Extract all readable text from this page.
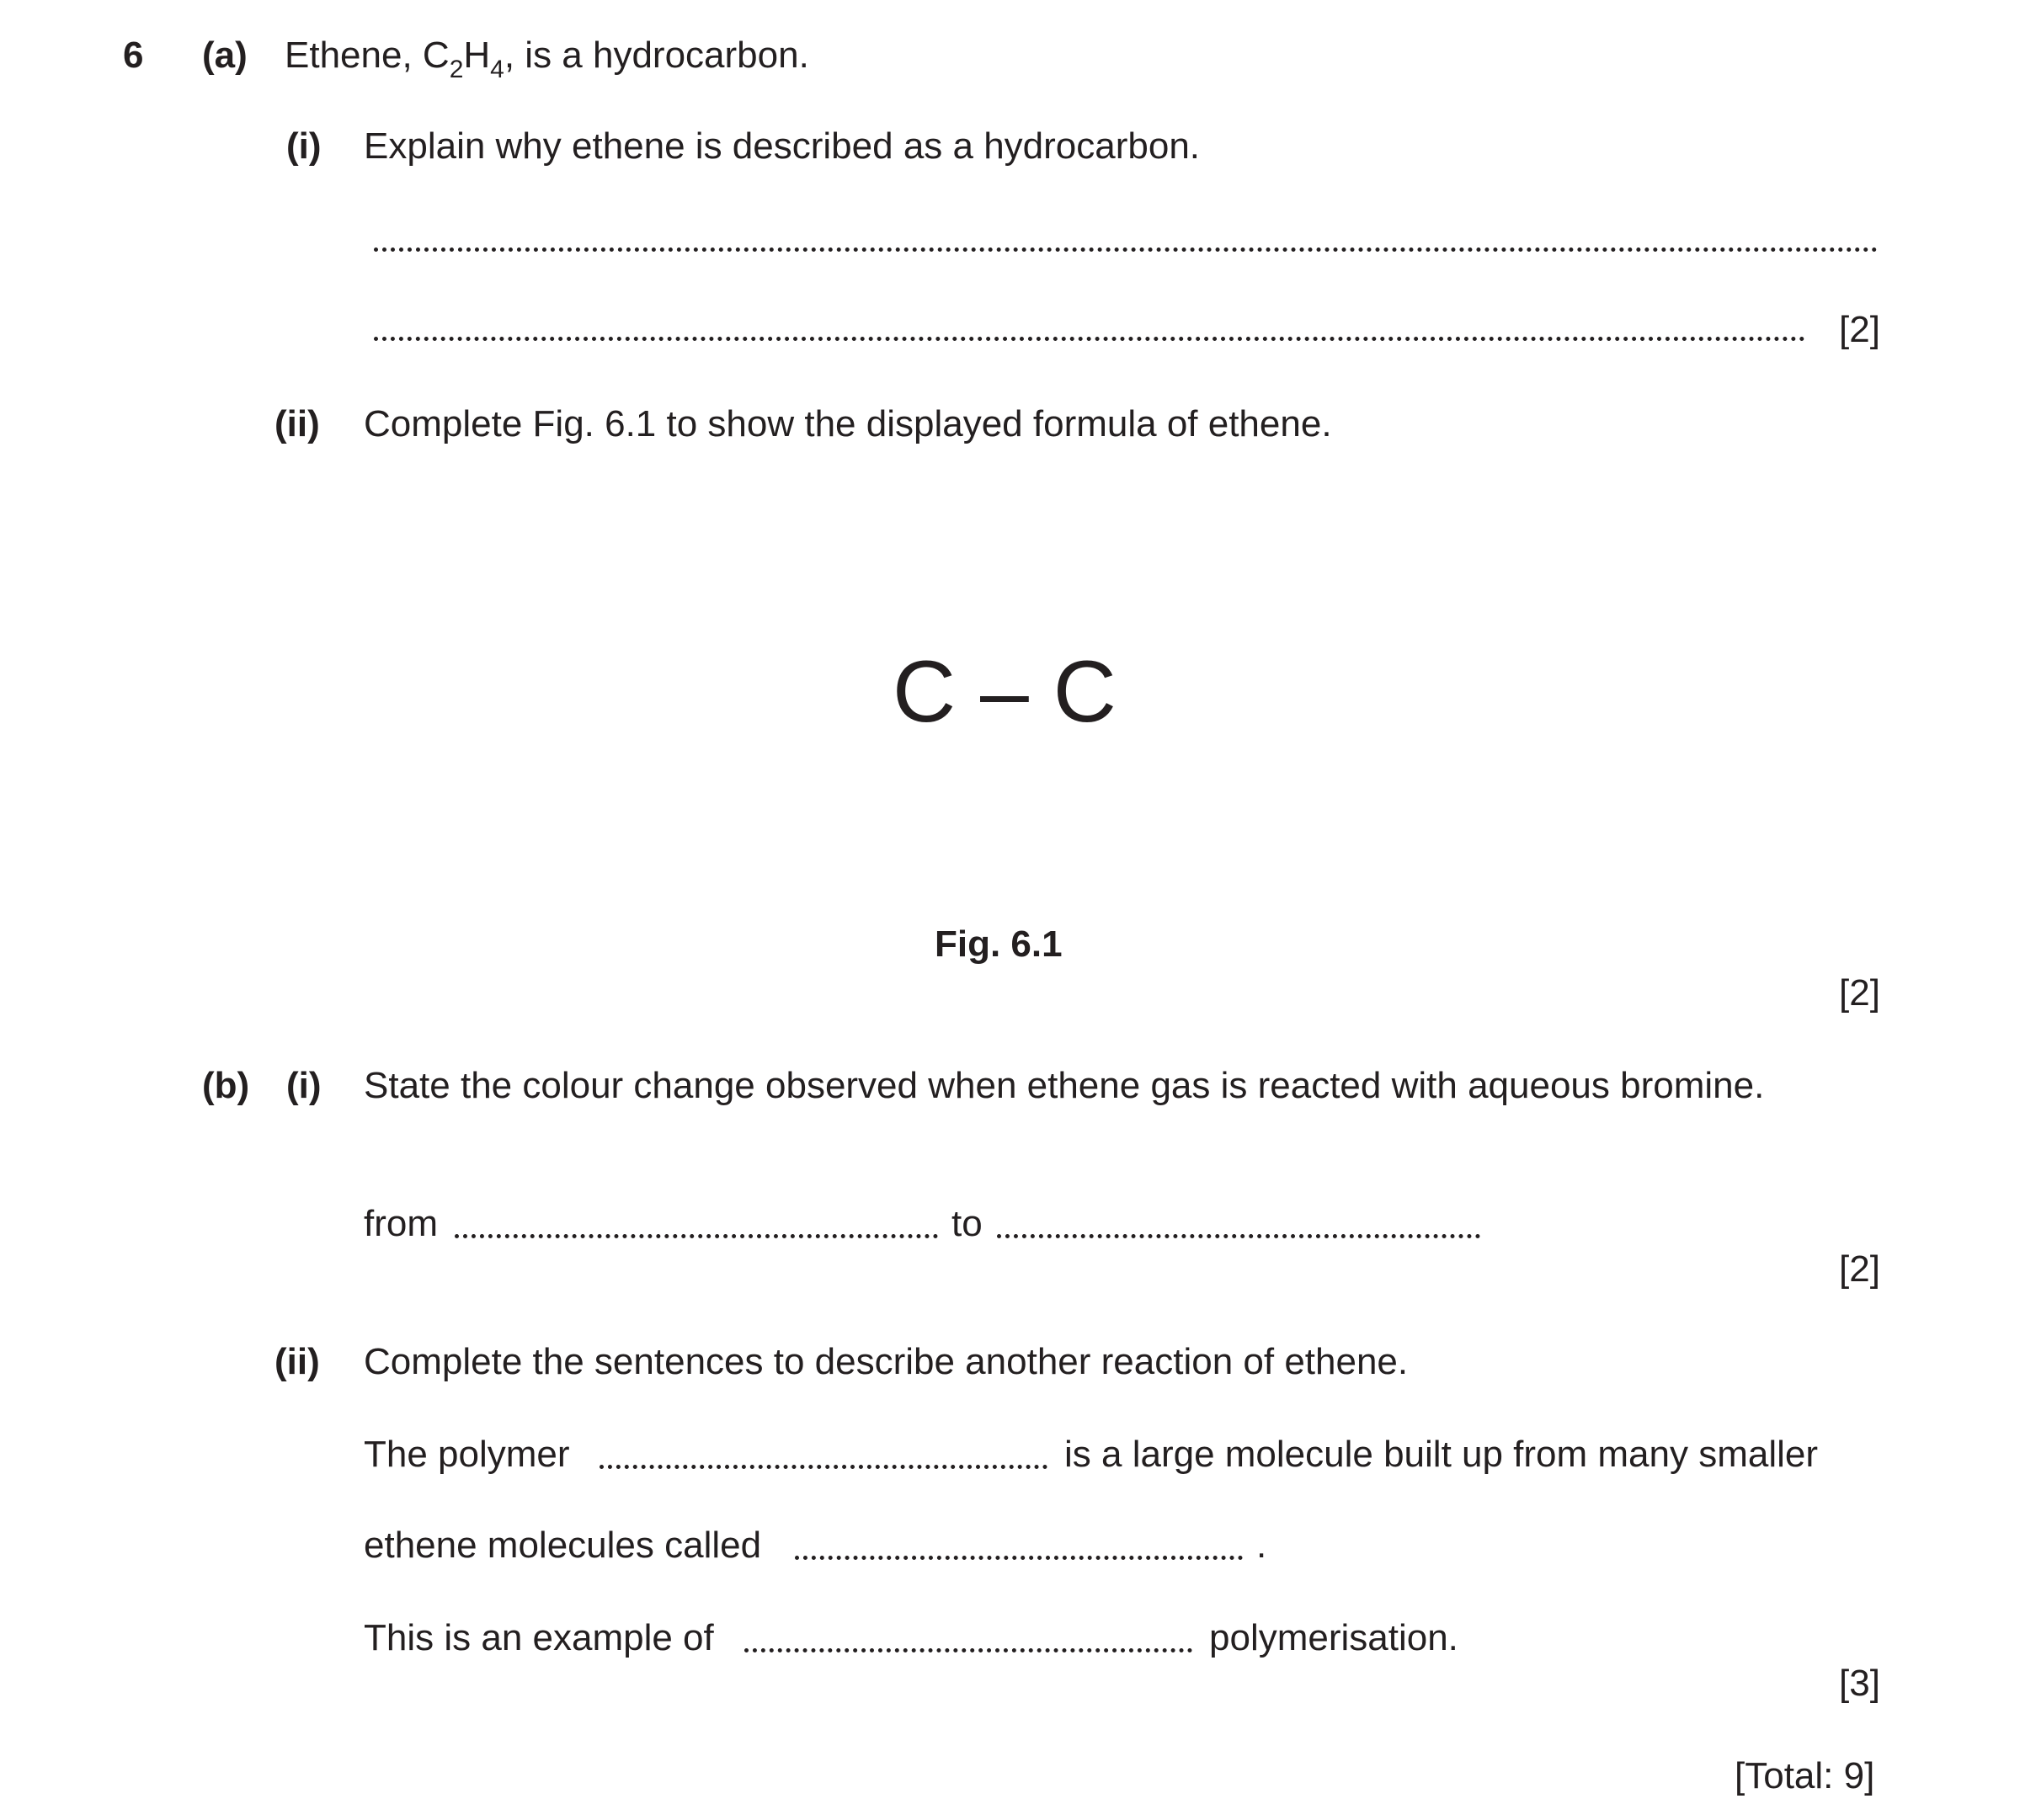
6 (a) Ethene, $C_2H_4$, is a hydrocarbon.
(i) Explain why ethene is described as a hydrocarbon.
[2]
(ii) Complete Fig. 6.1 to show the displayed formula of ethene.
C – C
Fig. 6.1
[2]
(b) (i) State the colour change observed when ethene gas is reacted with aqueous bromine.
from	to
[2]
(ii) Complete the sentences to describe another reaction of ethene.
The polymer	is a large molecule built up from many smaller
ethene molecules called	.
This is an example of	polymerisation.
[3]
[Total: 9]
